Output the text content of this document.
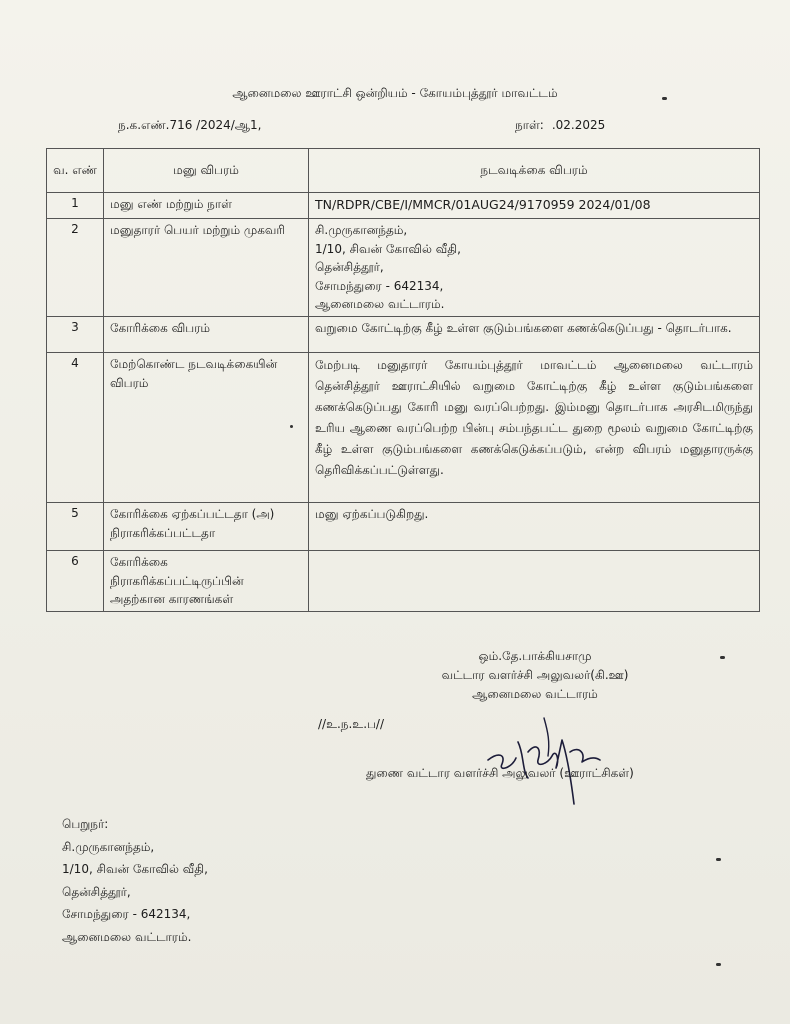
ஆனைமலை ஊராட்சி ஒன்றியம் - கோயம்புத்தூர் மாவட்டம்
ந.க.எண்.716 /2024/ஆ1,	நாள்: .02.2025
வ. எண்	மனு விபரம்	நடவடிக்கை விபரம்
1	மனு எண் மற்றும் நாள்	TN/RDPR/CBE/I/MMCR/01AUG24/9170959 2024/01/08
2	மனுதாரர் பெயர் மற்றும் முகவரி	சி.முருகானந்தம்,
1/10, சிவன் கோவில் வீதி,
தென்சித்தூர்,
சோமந்துரை - 642134,
ஆனைமலை வட்டாரம்.

3	கோரிக்கை விபரம்	வறுமை கோட்டிற்கு கீழ் உள்ள குடும்பங்களை கணக்கெடுப்பது - தொடர்பாக.
4	மேற்கொண்ட நடவடிக்கையின் விபரம்	மேற்படி மனுதாரர் கோயம்புத்தூர் மாவட்டம் ஆனைமலை வட்டாரம் தென்சித்தூர் ஊராட்சியில் வறுமை கோட்டிற்கு கீழ் உள்ள குடும்பங்களை கணக்கெடுப்பது கோரி மனு வரப்பெற்றது. இம்மனு தொடர்பாக அரசிடமிருந்து உரிய ஆணை வரப்பெற்ற பின்பு சம்பந்தபட்ட துறை மூலம் வறுமை கோட்டிற்கு கீழ் உள்ள குடும்பங்களை கணக்கெடுக்கப்படும், என்ற விபரம் மனுதாரருக்கு தெரிவிக்கப்பட்டுள்ளது.
5	கோரிக்கை ஏற்கப்பட்டதா (அ) நிராகரிக்கப்பட்டதா	மனு ஏற்கப்படுகிறது.
6	கோரிக்கை நிராகரிக்கப்பட்டிருப்பின் அதற்கான காரணங்கள்	
ஒம்.தே.பாக்கியசாமு
வட்டார வளர்ச்சி அலுவலர்(கி.ஊ)
ஆனைமலை வட்டாரம்
//உ.ந.உ.ப//
துணை வட்டார வளர்ச்சி அலுவலர் (ஊராட்சிகள்)
பெறுநர்:
சி.முருகானந்தம்,
1/10, சிவன் கோவில் வீதி,
தென்சித்தூர்,
சோமந்துரை - 642134,
ஆனைமலை வட்டாரம்.
